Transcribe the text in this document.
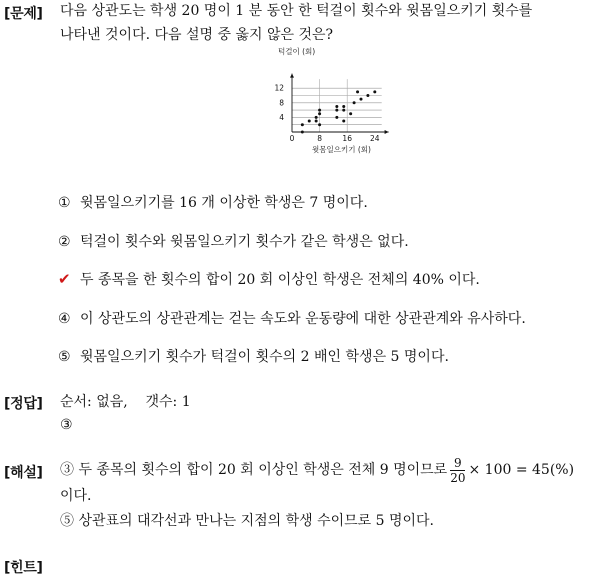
[문제] 다음 상관도는 학생 20 명이 1 분 동안 한 턱걸이 횟수와 윗몸일으키기 횟수를
나타낸 것이다. 다음 설명 중 옳지 않은 것은?
턱걸이 (회)
0	8	16 24
4
8
12
윗몸일으키기 (회)
① 윗몸일으키기를 16 개 이상한 학생은 7 명이다.
② 턱걸이 횟수와 윗몸일으키기 횟수가 같은 학생은 없다.
✔ 두 종목을 한 횟수의 합이 20 회 이상인 학생은 전체의 40% 이다.
④ 이 상관도의 상관관계는 걷는 속도와 운동량에 대한 상관관계와 유사하다.
⑤ 윗몸일으키기 횟수가 턱걸이 횟수의 2 배인 학생은 5 명이다.
[정답] 순서: 없음,    갯수: 1
③
[해설] ③ 두 종목의 횟수의 합이 20 회 이상인 학생은 전체 9 명이므로 $\frac{9}{20} \times 100 = 45(\%)$
이다.
⑤ 상관표의 대각선과 만나는 지점의 학생 수이므로 5 명이다.
[힌트]
